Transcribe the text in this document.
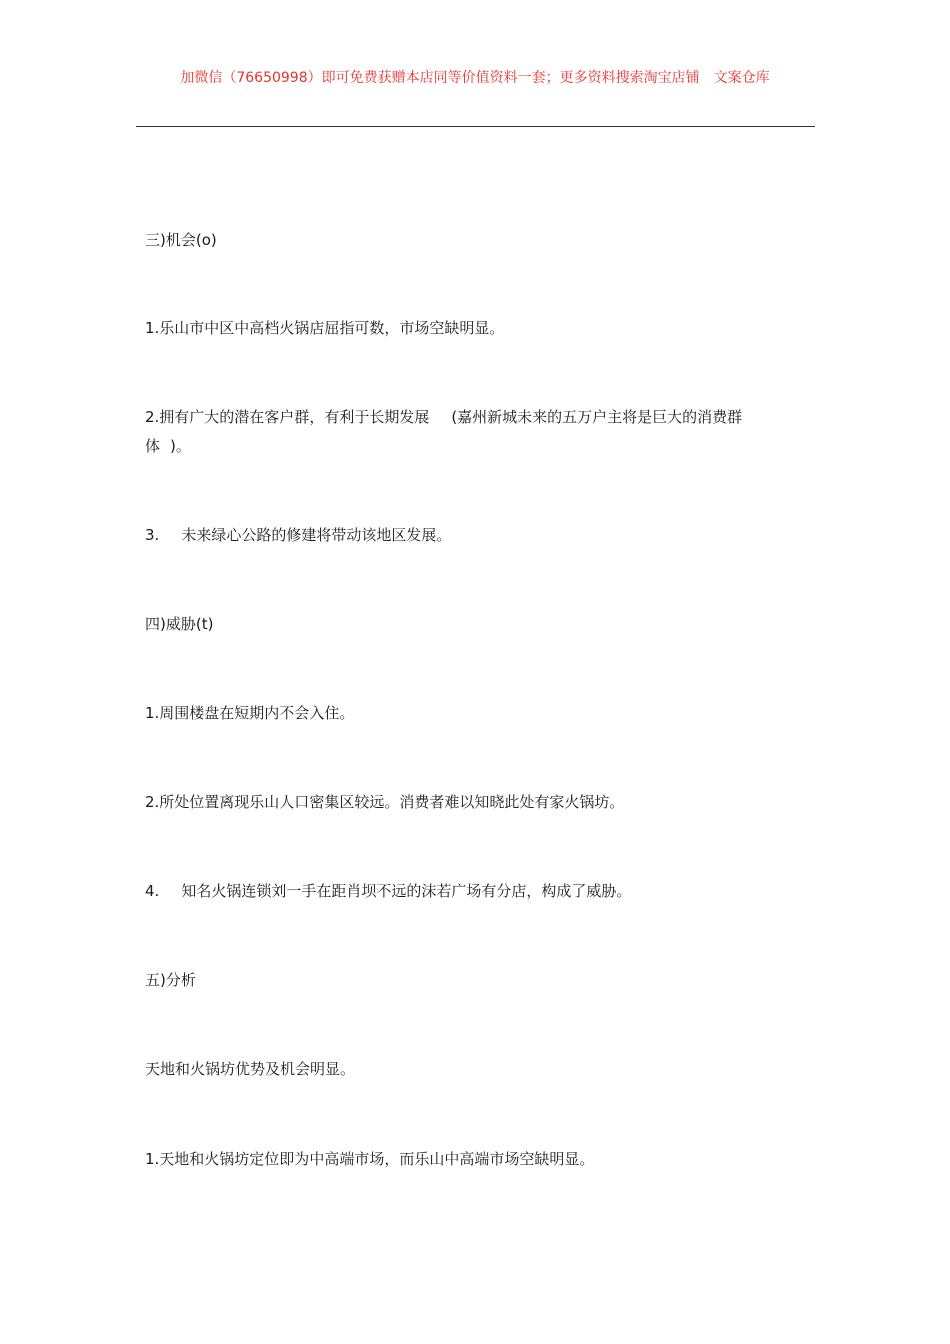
加微信（76650998）即可免费获赠本店同等价值资料一套；更多资料搜索淘宝店铺 文案仓库
三)机会(o)
1.乐山市中区中高档火锅店屈指可数，市场空缺明显。
2.拥有广大的潜在客户群，有利于长期发展 (嘉州新城未来的五万户主将是巨大的消费群
体 )。
3. 未来绿心公路的修建将带动该地区发展。
四)威胁(t)
1.周围楼盘在短期内不会入住。
2.所处位置离现乐山人口密集区较远。消费者难以知晓此处有家火锅坊。
4. 知名火锅连锁刘一手在距肖坝不远的沫若广场有分店，构成了威胁。
五)分析
天地和火锅坊优势及机会明显。
1.天地和火锅坊定位即为中高端市场，而乐山中高端市场空缺明显。
